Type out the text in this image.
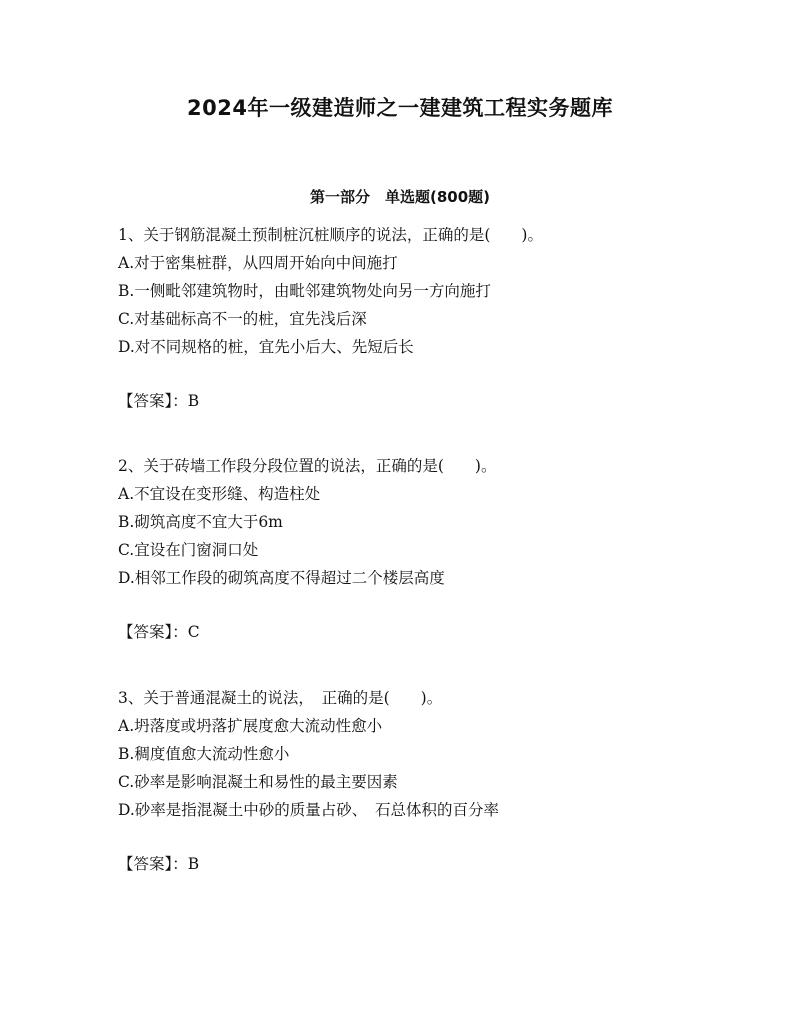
2024年一级建造师之一建建筑工程实务题库
第一部分　单选题(800题)
1、关于钢筋混凝土预制桩沉桩顺序的说法，正确的是(　　)。
A.对于密集桩群，从四周开始向中间施打
B.一侧毗邻建筑物时，由毗邻建筑物处向另一方向施打
C.对基础标高不一的桩，宜先浅后深
D.对不同规格的桩，宜先小后大、先短后长
【答案】：B
2、关于砖墙工作段分段位置的说法，正确的是(　　)。
A.不宜设在变形缝、构造柱处
B.砌筑高度不宜大于6m
C.宜设在门窗洞口处
D.相邻工作段的砌筑高度不得超过二个楼层高度
【答案】：C
3、关于普通混凝土的说法，　正确的是(　　)。
A.坍落度或坍落扩展度愈大流动性愈小
B.稠度值愈大流动性愈小
C.砂率是影响混凝土和易性的最主要因素
D.砂率是指混凝土中砂的质量占砂、　石总体积的百分率
【答案】：B
